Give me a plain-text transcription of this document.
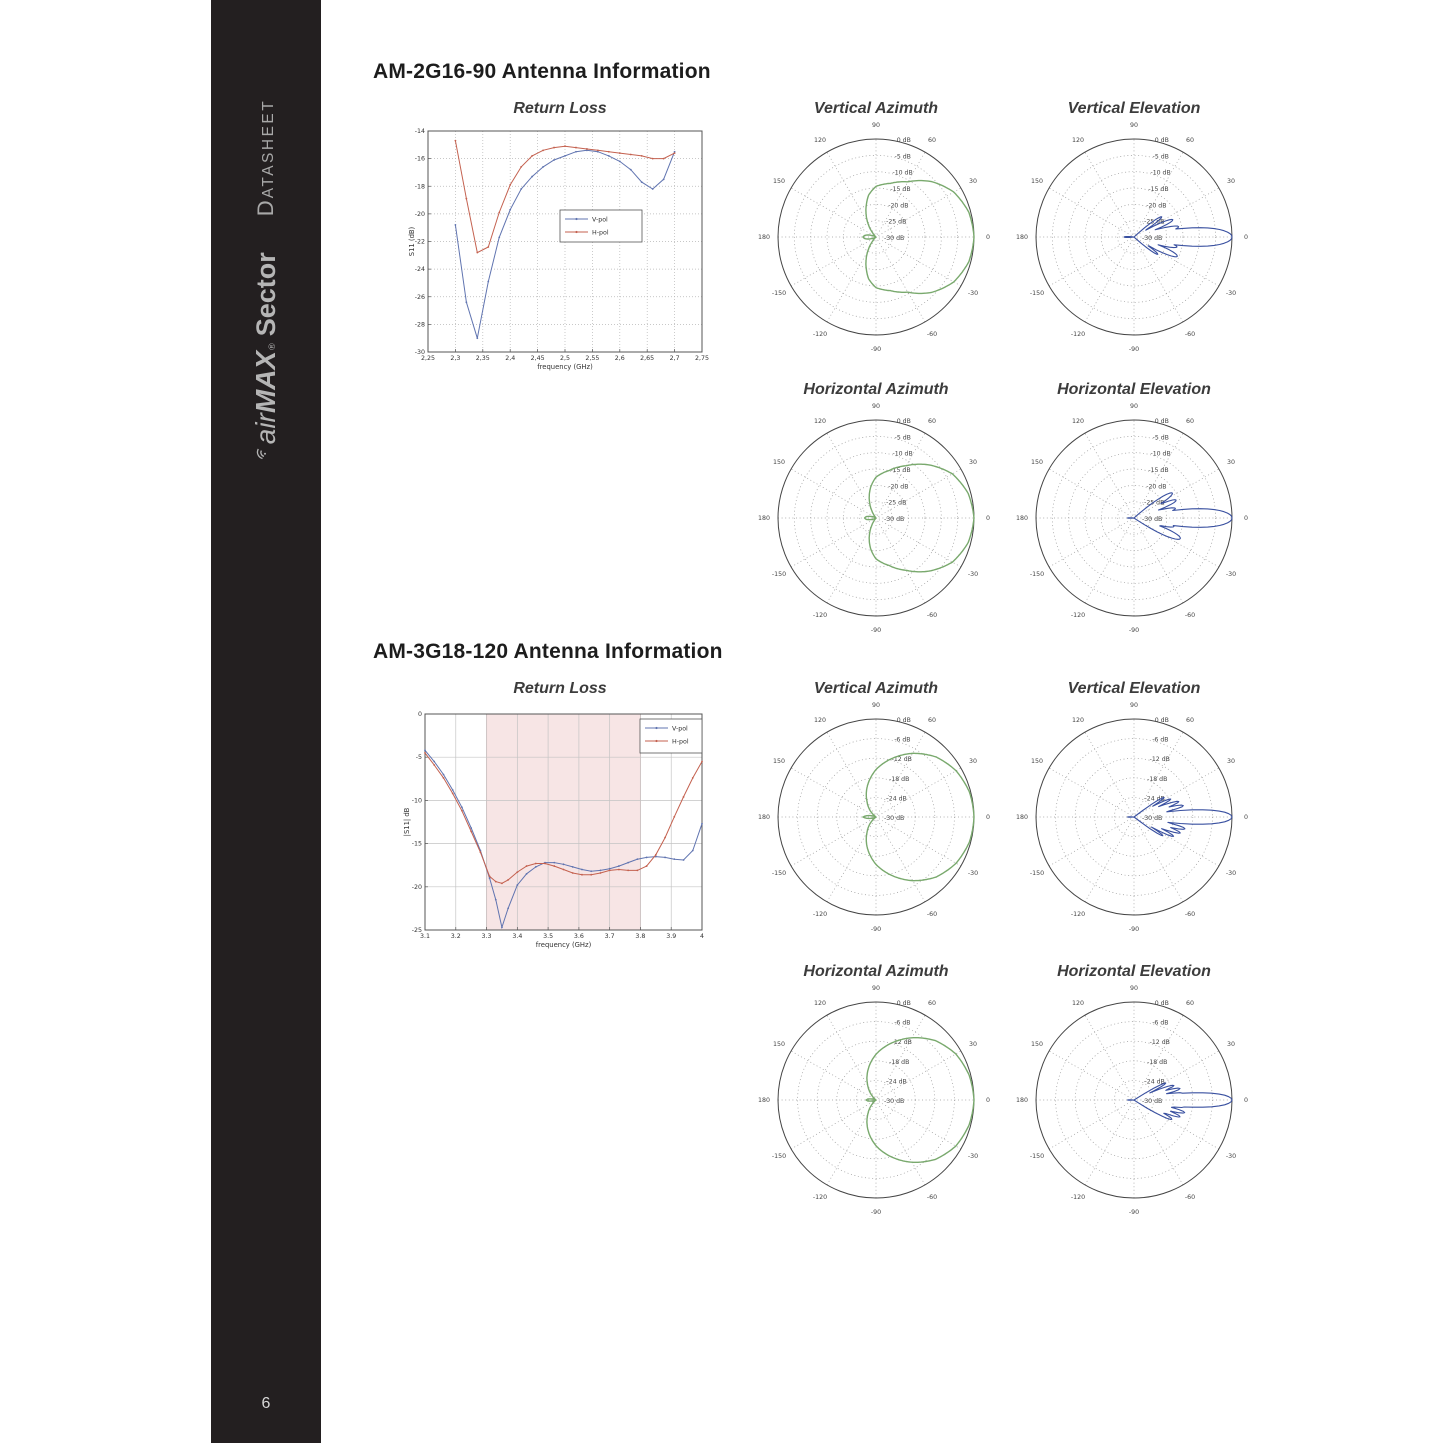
air
MAX
®
Sector
DATASHEET
6
AM-2G16-90 Antenna Information
Return Loss	Vertical Azimuth	Vertical Elevation
Horizontal Azimuth	Horizontal Elevation
2,25 2,3 2,35 2,4 2,45 2,5 2,55 2,6 2,65 2,7 2,75
-14
-16
-18
-20
-22
-24
-26
-28
-30
frequency (GHz)
S11 (dB)
V-pol
H-pol
0
30
60
90
120
150
180
-150
-120
-90
-60
-30
0 dB
-5 dB
-10 dB
-15 dB
-20 dB
-25 dB
-30 dB	0
30
60
90
120
150
180
-150
-120
-90
-60
-30
0 dB
-5 dB
-10 dB
-15 dB
-20 dB
-25 dB
-30 dB
0
30
60
90
120
150
180
-150
-120
-90
-60
-30
0 dB
-5 dB
-10 dB
-15 dB
-20 dB
-25 dB
-30 dB	0
30
60
90
120
150
180
-150
-120
-90
-60
-30
0 dB
-5 dB
-10 dB
-15 dB
-20 dB
-25 dB
-30 dB
AM-3G18-120 Antenna Information
Return Loss	Vertical Azimuth	Vertical Elevation
Horizontal Azimuth	Horizontal Elevation
3.1	3.2	3.3	3.4	3.5	3.6	3.7	3.8	3.9	4
0
-5
-10
-15
-20
-25
frequency (GHz)
|S11| dB
V-pol
H-pol
0
30
60
90
120
150
180
-150
-120
-90
-60
-30
0 dB
-6 dB
-12 dB
-18 dB
-24 dB
-30 dB	0
30
60
90
120
150
180
-150
-120
-90
-60
-30
0 dB
-6 dB
-12 dB
-18 dB
-24 dB
-30 dB
0
30
60
90
120
150
180
-150
-120
-90
-60
-30
0 dB
-6 dB
-12 dB
-18 dB
-24 dB
-30 dB	0
30
60
90
120
150
180
-150
-120
-90
-60
-30
0 dB
-6 dB
-12 dB
-18 dB
-24 dB
-30 dB
